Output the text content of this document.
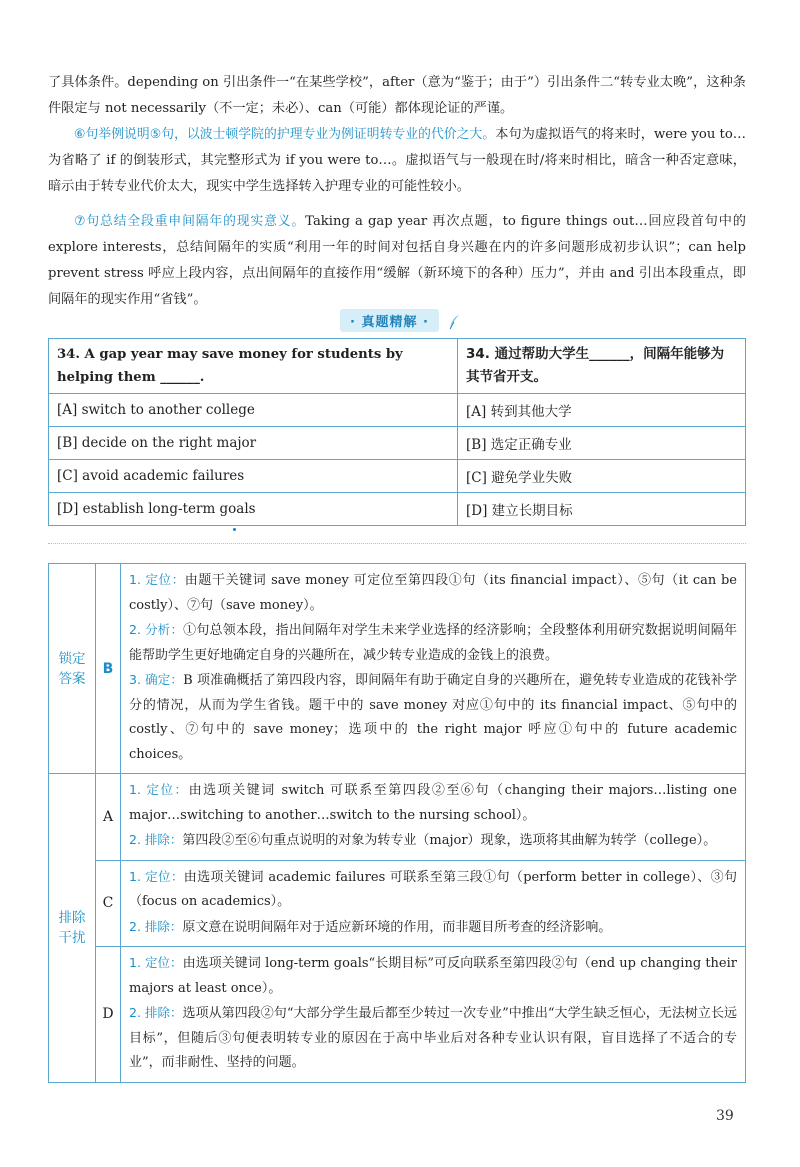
了具体条件。depending on 引出条件一“在某些学校”，after（意为“鉴于；由于”）引出条件二“转专业太晚”，这种条件限定与 not necessarily（不一定；未必）、can（可能）都体现论证的严谨。
⑥句举例说明⑤句，以波士顿学院的护理专业为例证明转专业的代价之大。本句为虚拟语气的将来时，were you to…为省略了 if 的倒装形式，其完整形式为 if you were to…。虚拟语气与一般现在时/将来时相比，暗含一种否定意味，暗示由于转专业代价太大，现实中学生选择转入护理专业的可能性较小。
⑦句总结全段重申间隔年的现实意义。Taking a gap year 再次点题，to figure things out…回应段首句中的 explore interests，总结间隔年的实质“利用一年的时间对包括自身兴趣在内的许多问题形成初步认识”；can help prevent stress 呼应上段内容，点出间隔年的直接作用“缓解（新环境下的各种）压力”，并由 and 引出本段重点，即间隔年的现实作用“省钱”。
· 真题精解 ·
34. A gap year may save money for students by helping them ______.	34. 通过帮助大学生______，间隔年能够为其节省开支。
[A] switch to another college	[A] 转到其他大学
[B] decide on the right major	[B] 选定正确专业
[C] avoid academic failures	[C] 避免学业失败
[D] establish long-term goals	[D] 建立长期目标
锁定答案	B	1. 定位：由题干关键词 save money 可定位至第四段①句（its financial impact）、⑤句（it can be costly）、⑦句（save money）。
2. 分析：①句总领本段，指出间隔年对学生未来学业选择的经济影响；全段整体利用研究数据说明间隔年能帮助学生更好地确定自身的兴趣所在，减少转专业造成的金钱上的浪费。
3. 确定：B 项准确概括了第四段内容，即间隔年有助于确定自身的兴趣所在，避免转专业造成的花钱补学分的情况，从而为学生省钱。题干中的 save money 对应①句中的 its financial impact、⑤句中的 costly、⑦句中的 save money；选项中的 the right major 呼应①句中的 future academic choices。

排除干扰	A	1. 定位：由选项关键词 switch 可联系至第四段②至⑥句（changing their majors…listing one major…switching to another…switch to the nursing school）。
2. 排除：第四段②至⑥句重点说明的对象为转专业（major）现象，选项将其曲解为转学（college）。

	C	1. 定位：由选项关键词 academic failures 可联系至第三段①句（perform better in college）、③句（focus on academics）。
2. 排除：原文意在说明间隔年对于适应新环境的作用，而非题目所考查的经济影响。

	D	1. 定位：由选项关键词 long-term goals“长期目标”可反向联系至第四段②句（end up changing their majors at least once）。
2. 排除：选项从第四段②句“大部分学生最后都至少转过一次专业”中推出“大学生缺乏恒心，无法树立长远目标”，但随后③句便表明转专业的原因在于高中毕业后对各种专业认识有限，盲目选择了不适合的专业”，而非耐性、坚持的问题。
39
